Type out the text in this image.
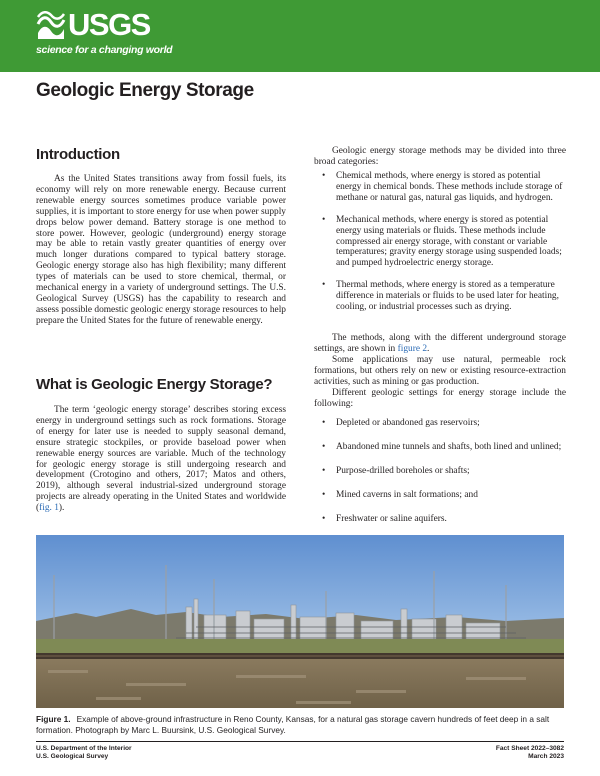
USGS
science for a changing world
Geologic Energy Storage
Introduction

As the United States transitions away from fossil fuels, its economy will rely on more renewable energy. Because current renewable energy sources sometimes produce variable power supplies, it is important to store energy for use when power supply drops below power demand. Battery storage is one method to store power. However, geologic (underground) energy storage may be able to retain vastly greater quantities of energy over much longer durations compared to typical battery storage. Geologic energy storage also has high flexibility; many different types of materials can be used to store chemical, thermal, or mechanical energy in a variety of underground settings. The U.S. Geological Survey (USGS) has the capability to research and assess possible domestic geologic energy storage resources to help prepare the United States for the future of renewable energy.

What is Geologic Energy Storage?

The term ‘geologic energy storage’ describes storing excess energy in underground settings such as rock formations. Storage of energy for later use is needed to supply seasonal demand, ensure strategic stockpiles, or provide baseload power when renewable energy sources are variable. Much of the technology for geologic energy storage is still undergoing research and development (Crotogino and others, 2017; Matos and others, 2019), although several industrial-sized underground storage projects are already operating in the United States and worldwide (fig. 1).

Geologic energy storage methods may be divided into three broad categories:

• Chemical methods, where energy is stored as potential energy in chemical bonds. These methods include storage of methane or natural gas, natural gas liquids, and hydrogen.
• Mechanical methods, where energy is stored as potential energy using materials or fluids. These methods include compressed air energy storage, with constant or variable temperatures; gravity energy storage using suspended loads; and pumped hydroelectric energy storage.
• Thermal methods, where energy is stored as a temperature difference in materials or fluids to be used later for heating, cooling, or industrial processes such as drying.

The methods, along with the different underground storage settings, are shown in figure 2.

Some applications may use natural, permeable rock formations, but others rely on new or existing resource-extraction activities, such as mining or gas production.

Different geologic settings for energy storage include the following:

• Depleted or abandoned gas reservoirs;
• Abandoned mine tunnels and shafts, both lined and unlined;
• Purpose-drilled boreholes or shafts;
• Mined caverns in salt formations; and
• Freshwater or saline aquifers.

Figure 1. Example of above-ground infrastructure in Reno County, Kansas, for a natural gas storage cavern hundreds of feet deep in a salt formation. Photograph by Marc L. Buursink, U.S. Geological Survey.

U.S. Department of the Interior
U.S. Geological Survey
Fact Sheet 2022–3082
March 2023
